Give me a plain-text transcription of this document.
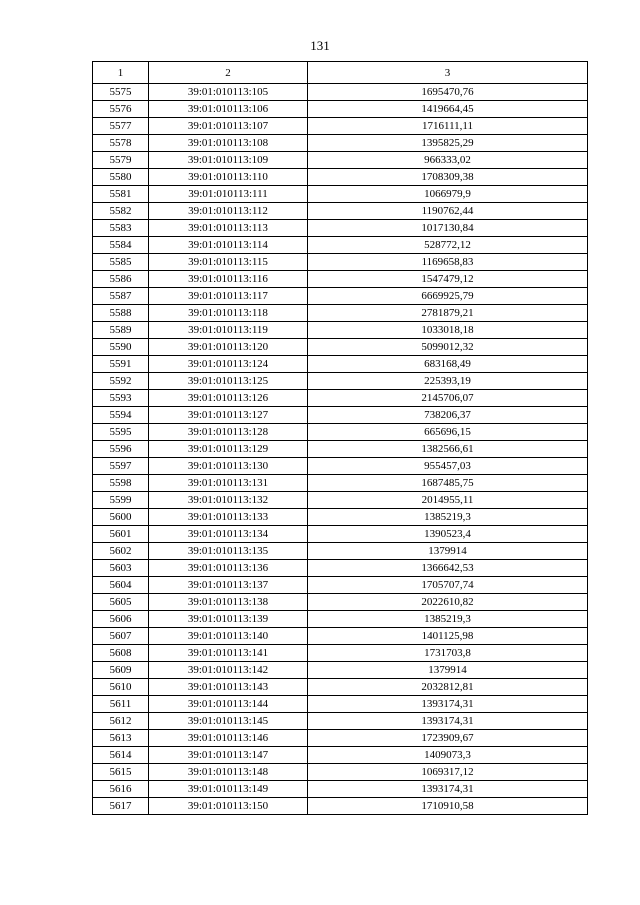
131
1	2	3
5575	39:01:010113:105	1695470,76
5576	39:01:010113:106	1419664,45
5577	39:01:010113:107	1716111,11
5578	39:01:010113:108	1395825,29
5579	39:01:010113:109	966333,02
5580	39:01:010113:110	1708309,38
5581	39:01:010113:111	1066979,9
5582	39:01:010113:112	1190762,44
5583	39:01:010113:113	1017130,84
5584	39:01:010113:114	528772,12
5585	39:01:010113:115	1169658,83
5586	39:01:010113:116	1547479,12
5587	39:01:010113:117	6669925,79
5588	39:01:010113:118	2781879,21
5589	39:01:010113:119	1033018,18
5590	39:01:010113:120	5099012,32
5591	39:01:010113:124	683168,49
5592	39:01:010113:125	225393,19
5593	39:01:010113:126	2145706,07
5594	39:01:010113:127	738206,37
5595	39:01:010113:128	665696,15
5596	39:01:010113:129	1382566,61
5597	39:01:010113:130	955457,03
5598	39:01:010113:131	1687485,75
5599	39:01:010113:132	2014955,11
5600	39:01:010113:133	1385219,3
5601	39:01:010113:134	1390523,4
5602	39:01:010113:135	1379914
5603	39:01:010113:136	1366642,53
5604	39:01:010113:137	1705707,74
5605	39:01:010113:138	2022610,82
5606	39:01:010113:139	1385219,3
5607	39:01:010113:140	1401125,98
5608	39:01:010113:141	1731703,8
5609	39:01:010113:142	1379914
5610	39:01:010113:143	2032812,81
5611	39:01:010113:144	1393174,31
5612	39:01:010113:145	1393174,31
5613	39:01:010113:146	1723909,67
5614	39:01:010113:147	1409073,3
5615	39:01:010113:148	1069317,12
5616	39:01:010113:149	1393174,31
5617	39:01:010113:150	1710910,58
